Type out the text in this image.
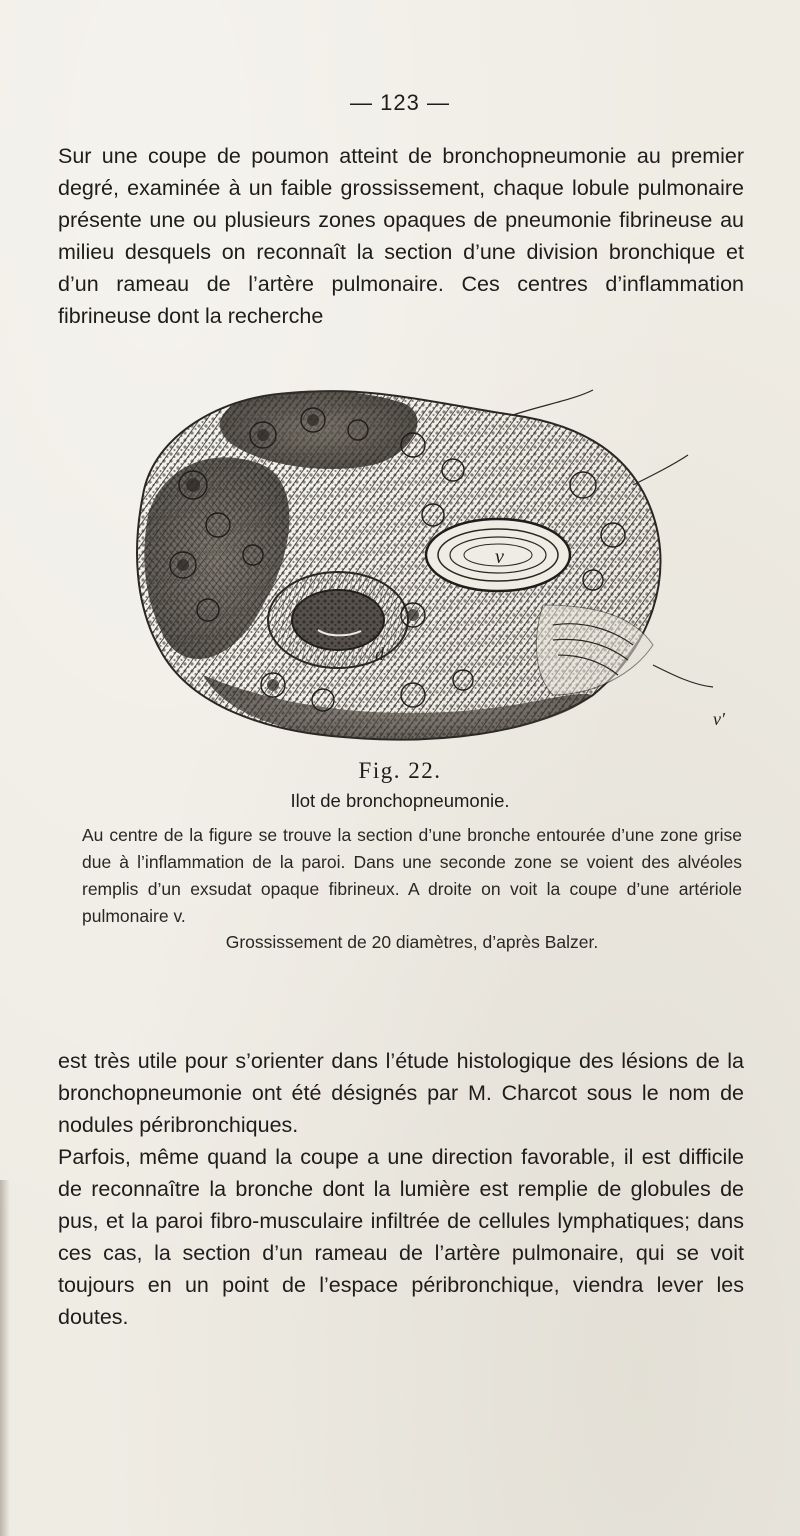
— 123 —

Sur une coupe de poumon atteint de bronchopneumonie au premier degré, examinée à un faible grossissement, chaque lobule pulmonaire présente une ou plusieurs zones opaques de pneumonie fibrineuse au milieu desquels on reconnaît la section d’une division bronchique et d’un rameau de l’artère pulmonaire. Ces centres d’inflammation fibrineuse dont la recherche

v
d
v′
Fig. 22.
Ilot de bronchopneumonie.

Au centre de la figure se trouve la section d’une bronche entourée d’une zone grise due à l’inflammation de la paroi. Dans une seconde zone se voient des alvéoles remplis d’un exsudat opaque fibrineux. A droite on voit la coupe d’une artériole pulmonaire v.

Grossissement de 20 diamètres, d’après Balzer.

est très utile pour s’orienter dans l’étude histologique des lésions de la bronchopneumonie ont été désignés par M. Charcot sous le nom de nodules péribronchiques.

Parfois, même quand la coupe a une direction favorable, il est difficile de reconnaître la bronche dont la lumière est remplie de globules de pus, et la paroi fibro-musculaire infiltrée de cellules lymphatiques; dans ces cas, la section d’un rameau de l’artère pulmonaire, qui se voit toujours en un point de l’espace péribronchique, viendra lever les doutes.
